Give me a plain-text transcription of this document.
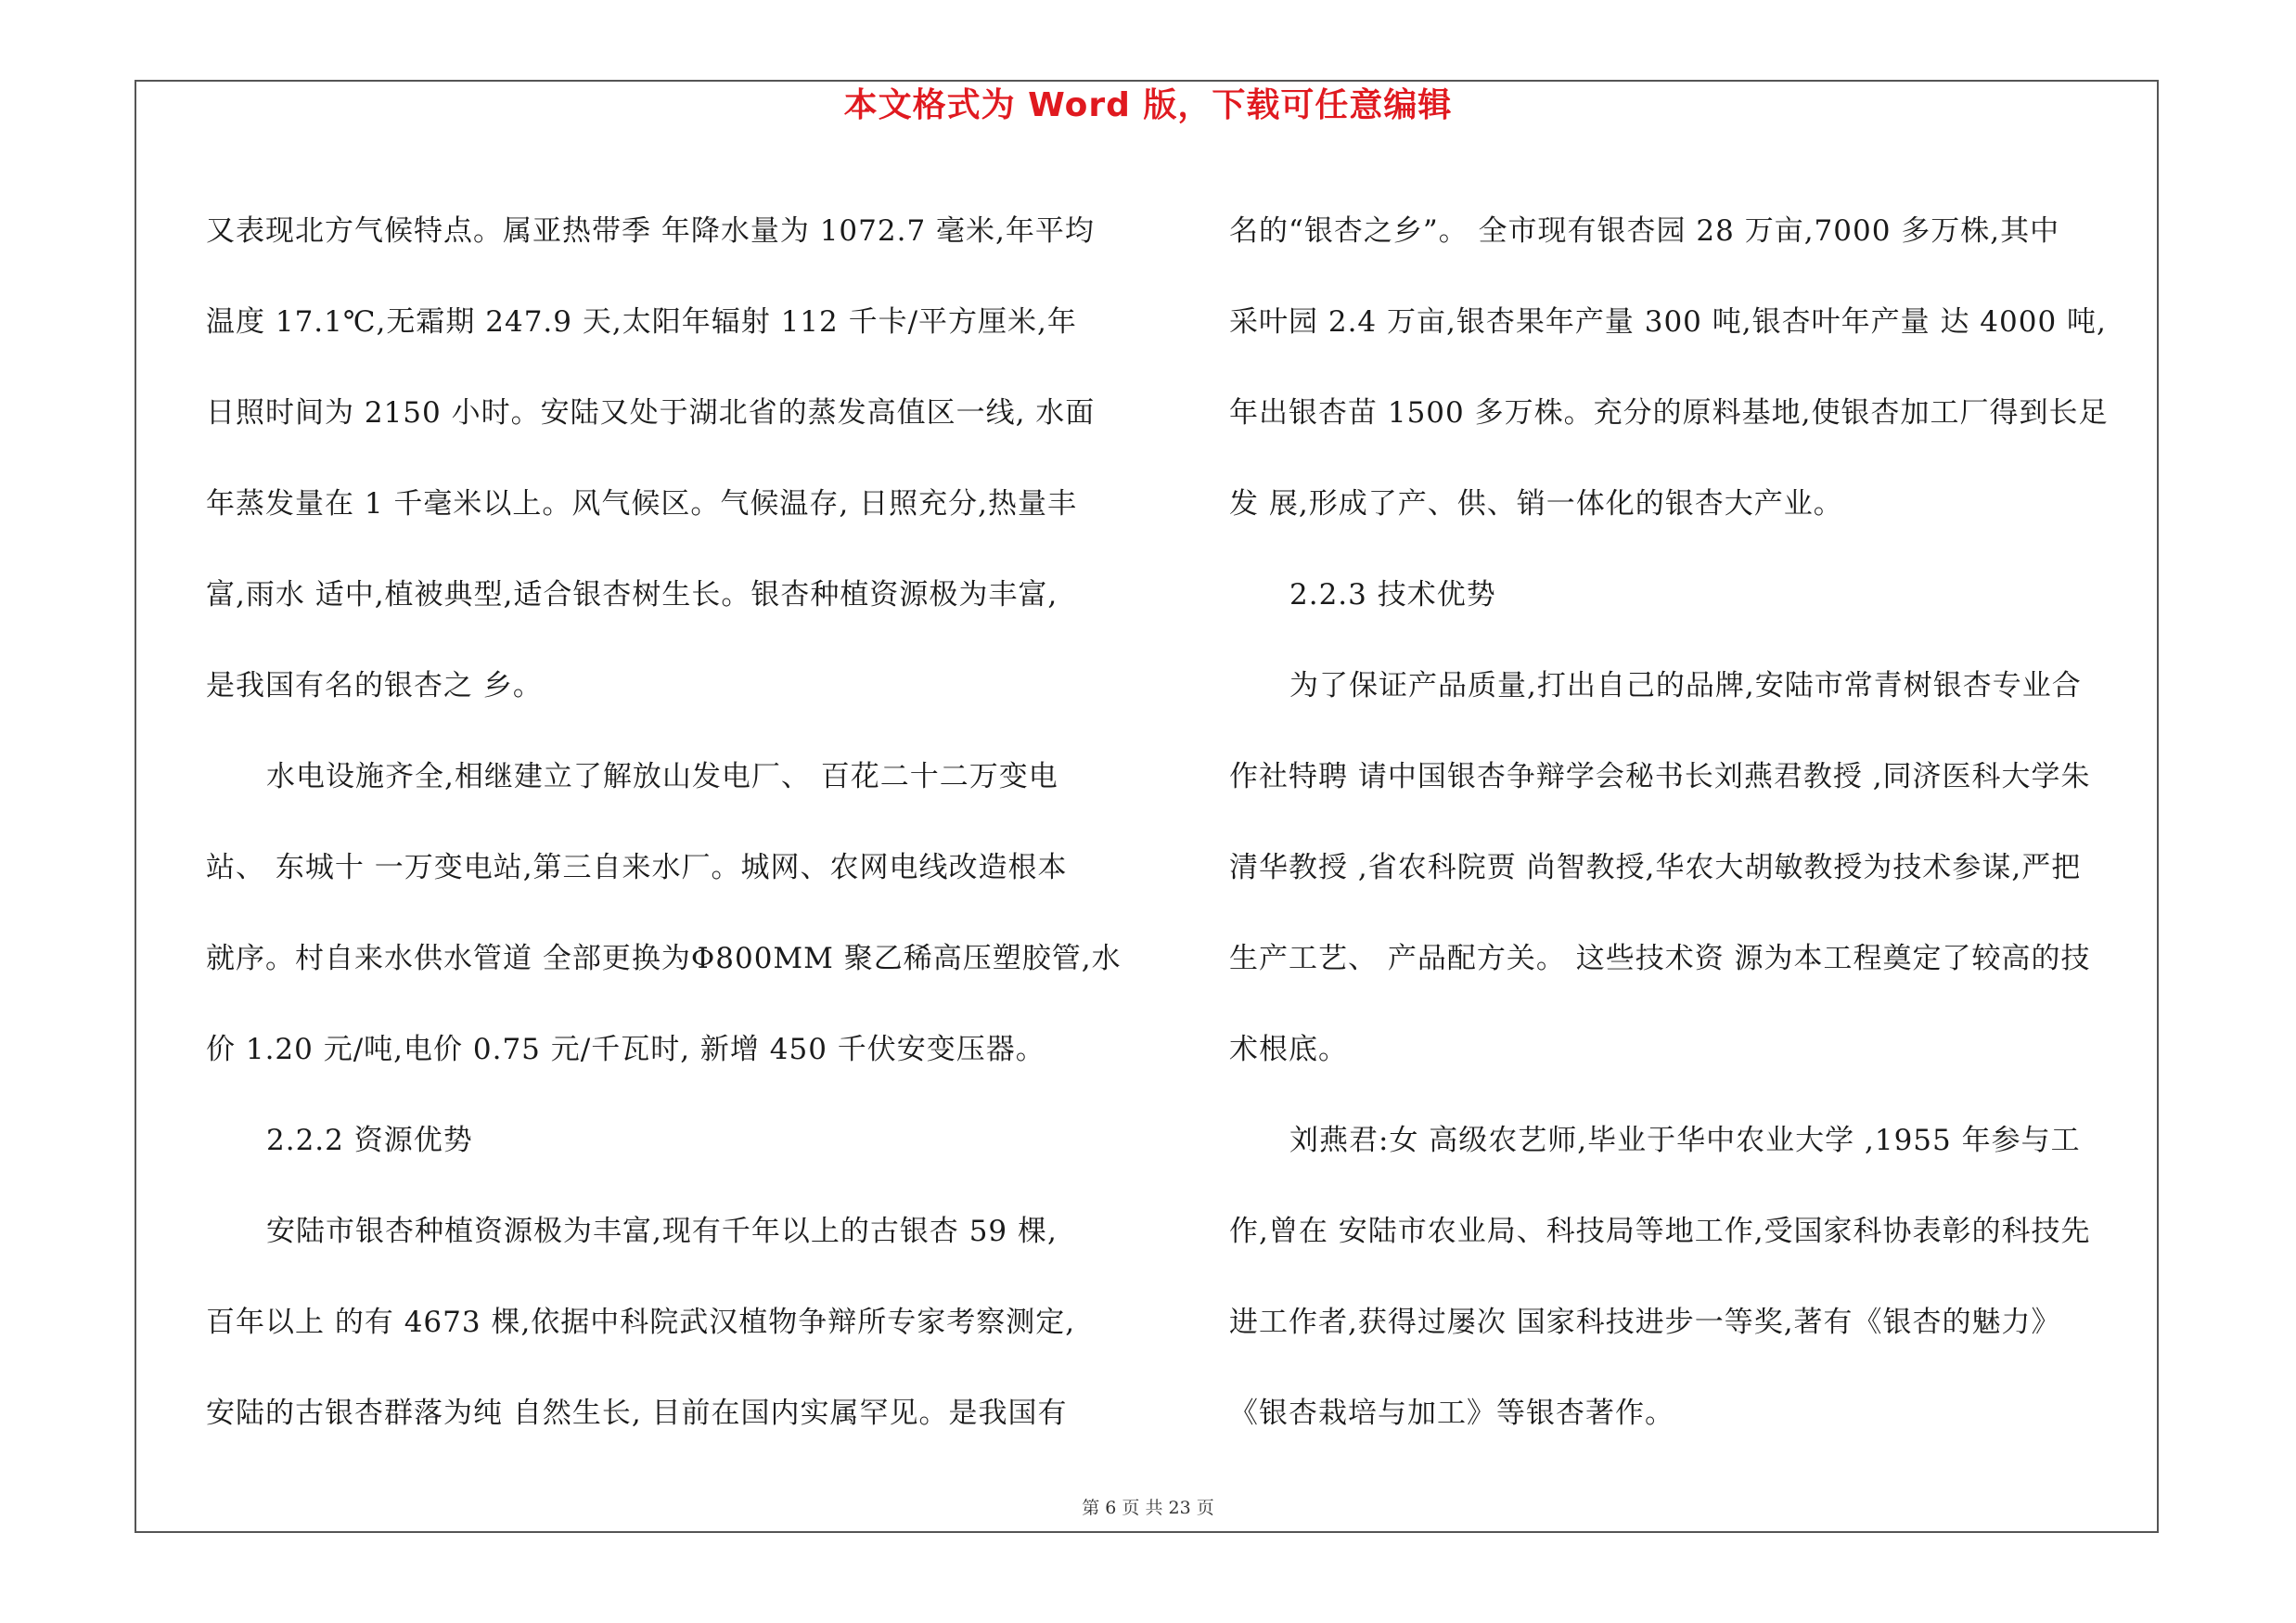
本文格式为 Word 版，下载可任意编辑

又表现北方气候特点。属亚热带季 年降水量为 1072.7 毫米,年平均

温度 17.1℃,无霜期 247.9 天,太阳年辐射 112 千卡/平方厘米,年

日照时间为 2150 小时。安陆又处于湖北省的蒸发高值区一线, 水面

年蒸发量在 1 千毫米以上。风气候区。气候温存, 日照充分,热量丰

富,雨水 适中,植被典型,适合银杏树生长。银杏种植资源极为丰富,

是我国有名的银杏之 乡。

水电设施齐全,相继建立了解放山发电厂、 百花二十二万变电

站、 东城十 一万变电站,第三自来水厂。城网、农网电线改造根本

就序。村自来水供水管道 全部更换为Φ800MM 聚乙稀高压塑胶管,水

价 1.20 元/吨,电价 0.75 元/千瓦时, 新增 450 千伏安变压器。

2.2.2 资源优势

安陆市银杏种植资源极为丰富,现有千年以上的古银杏 59 棵,

百年以上 的有 4673 棵,依据中科院武汉植物争辩所专家考察测定,

安陆的古银杏群落为纯 自然生长, 目前在国内实属罕见。是我国有

名的“银杏之乡”。 全市现有银杏园 28 万亩,7000 多万株,其中

采叶园 2.4 万亩,银杏果年产量 300 吨,银杏叶年产量 达 4000 吨,

年出银杏苗 1500 多万株。充分的原料基地,使银杏加工厂得到长足

发 展,形成了产、供、销一体化的银杏大产业。

2.2.3 技术优势

为了保证产品质量,打出自己的品牌,安陆市常青树银杏专业合

作社特聘 请中国银杏争辩学会秘书长刘燕君教授 ,同济医科大学朱

清华教授 ,省农科院贾 尚智教授,华农大胡敏教授为技术参谋,严把

生产工艺、 产品配方关。 这些技术资 源为本工程奠定了较高的技

术根底。

刘燕君:女 高级农艺师,毕业于华中农业大学 ,1955 年参与工

作,曾在 安陆市农业局、科技局等地工作,受国家科协表彰的科技先

进工作者,获得过屡次 国家科技进步一等奖,著有《银杏的魅力》

《银杏栽培与加工》等银杏著作。

第 6 页 共 23 页
